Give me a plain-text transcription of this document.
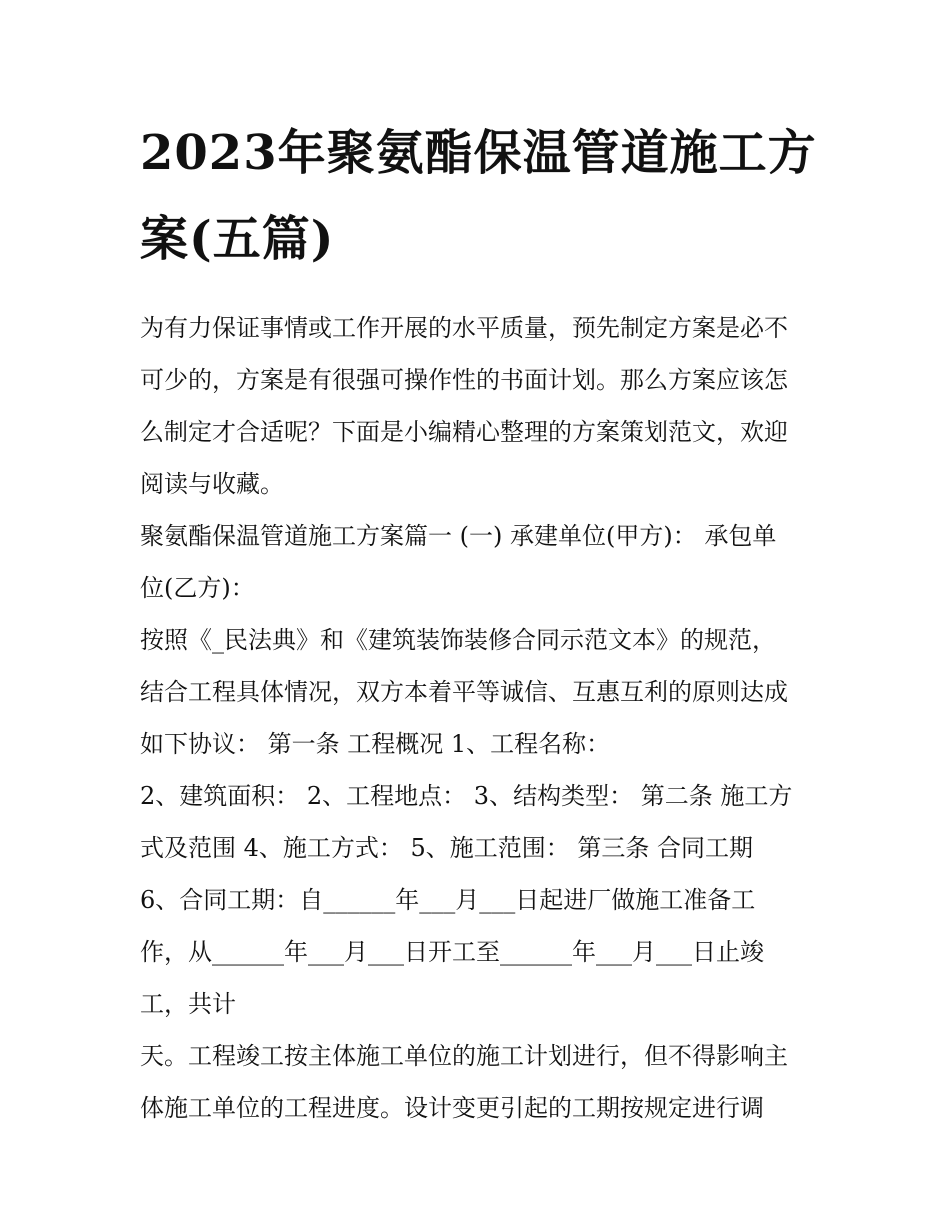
2023年聚氨酯保温管道施工方案(五篇)
为有力保证事情或工作开展的水平质量，预先制定方案是必不
可少的，方案是有很强可操作性的书面计划。那么方案应该怎
么制定才合适呢？下面是小编精心整理的方案策划范文，欢迎
阅读与收藏。
聚氨酯保温管道施工方案篇一 (一) 承建单位(甲方)： 承包单
位(乙方)：
按照《_民法典》和《建筑装饰装修合同示范文本》的规范，
结合工程具体情况，双方本着平等诚信、互惠互利的原则达成
如下协议： 第一条 工程概况 1、工程名称：
2、建筑面积： 2、工程地点： 3、结构类型： 第二条 施工方
式及范围 4、施工方式： 5、施工范围： 第三条 合同工期
6、合同工期：自______年___月___日起进厂做施工准备工
作，从______年___月___日开工至______年___月___日止竣
工，共计
天。工程竣工按主体施工单位的施工计划进行，但不得影响主
体施工单位的工程进度。设计变更引起的工期按规定进行调
